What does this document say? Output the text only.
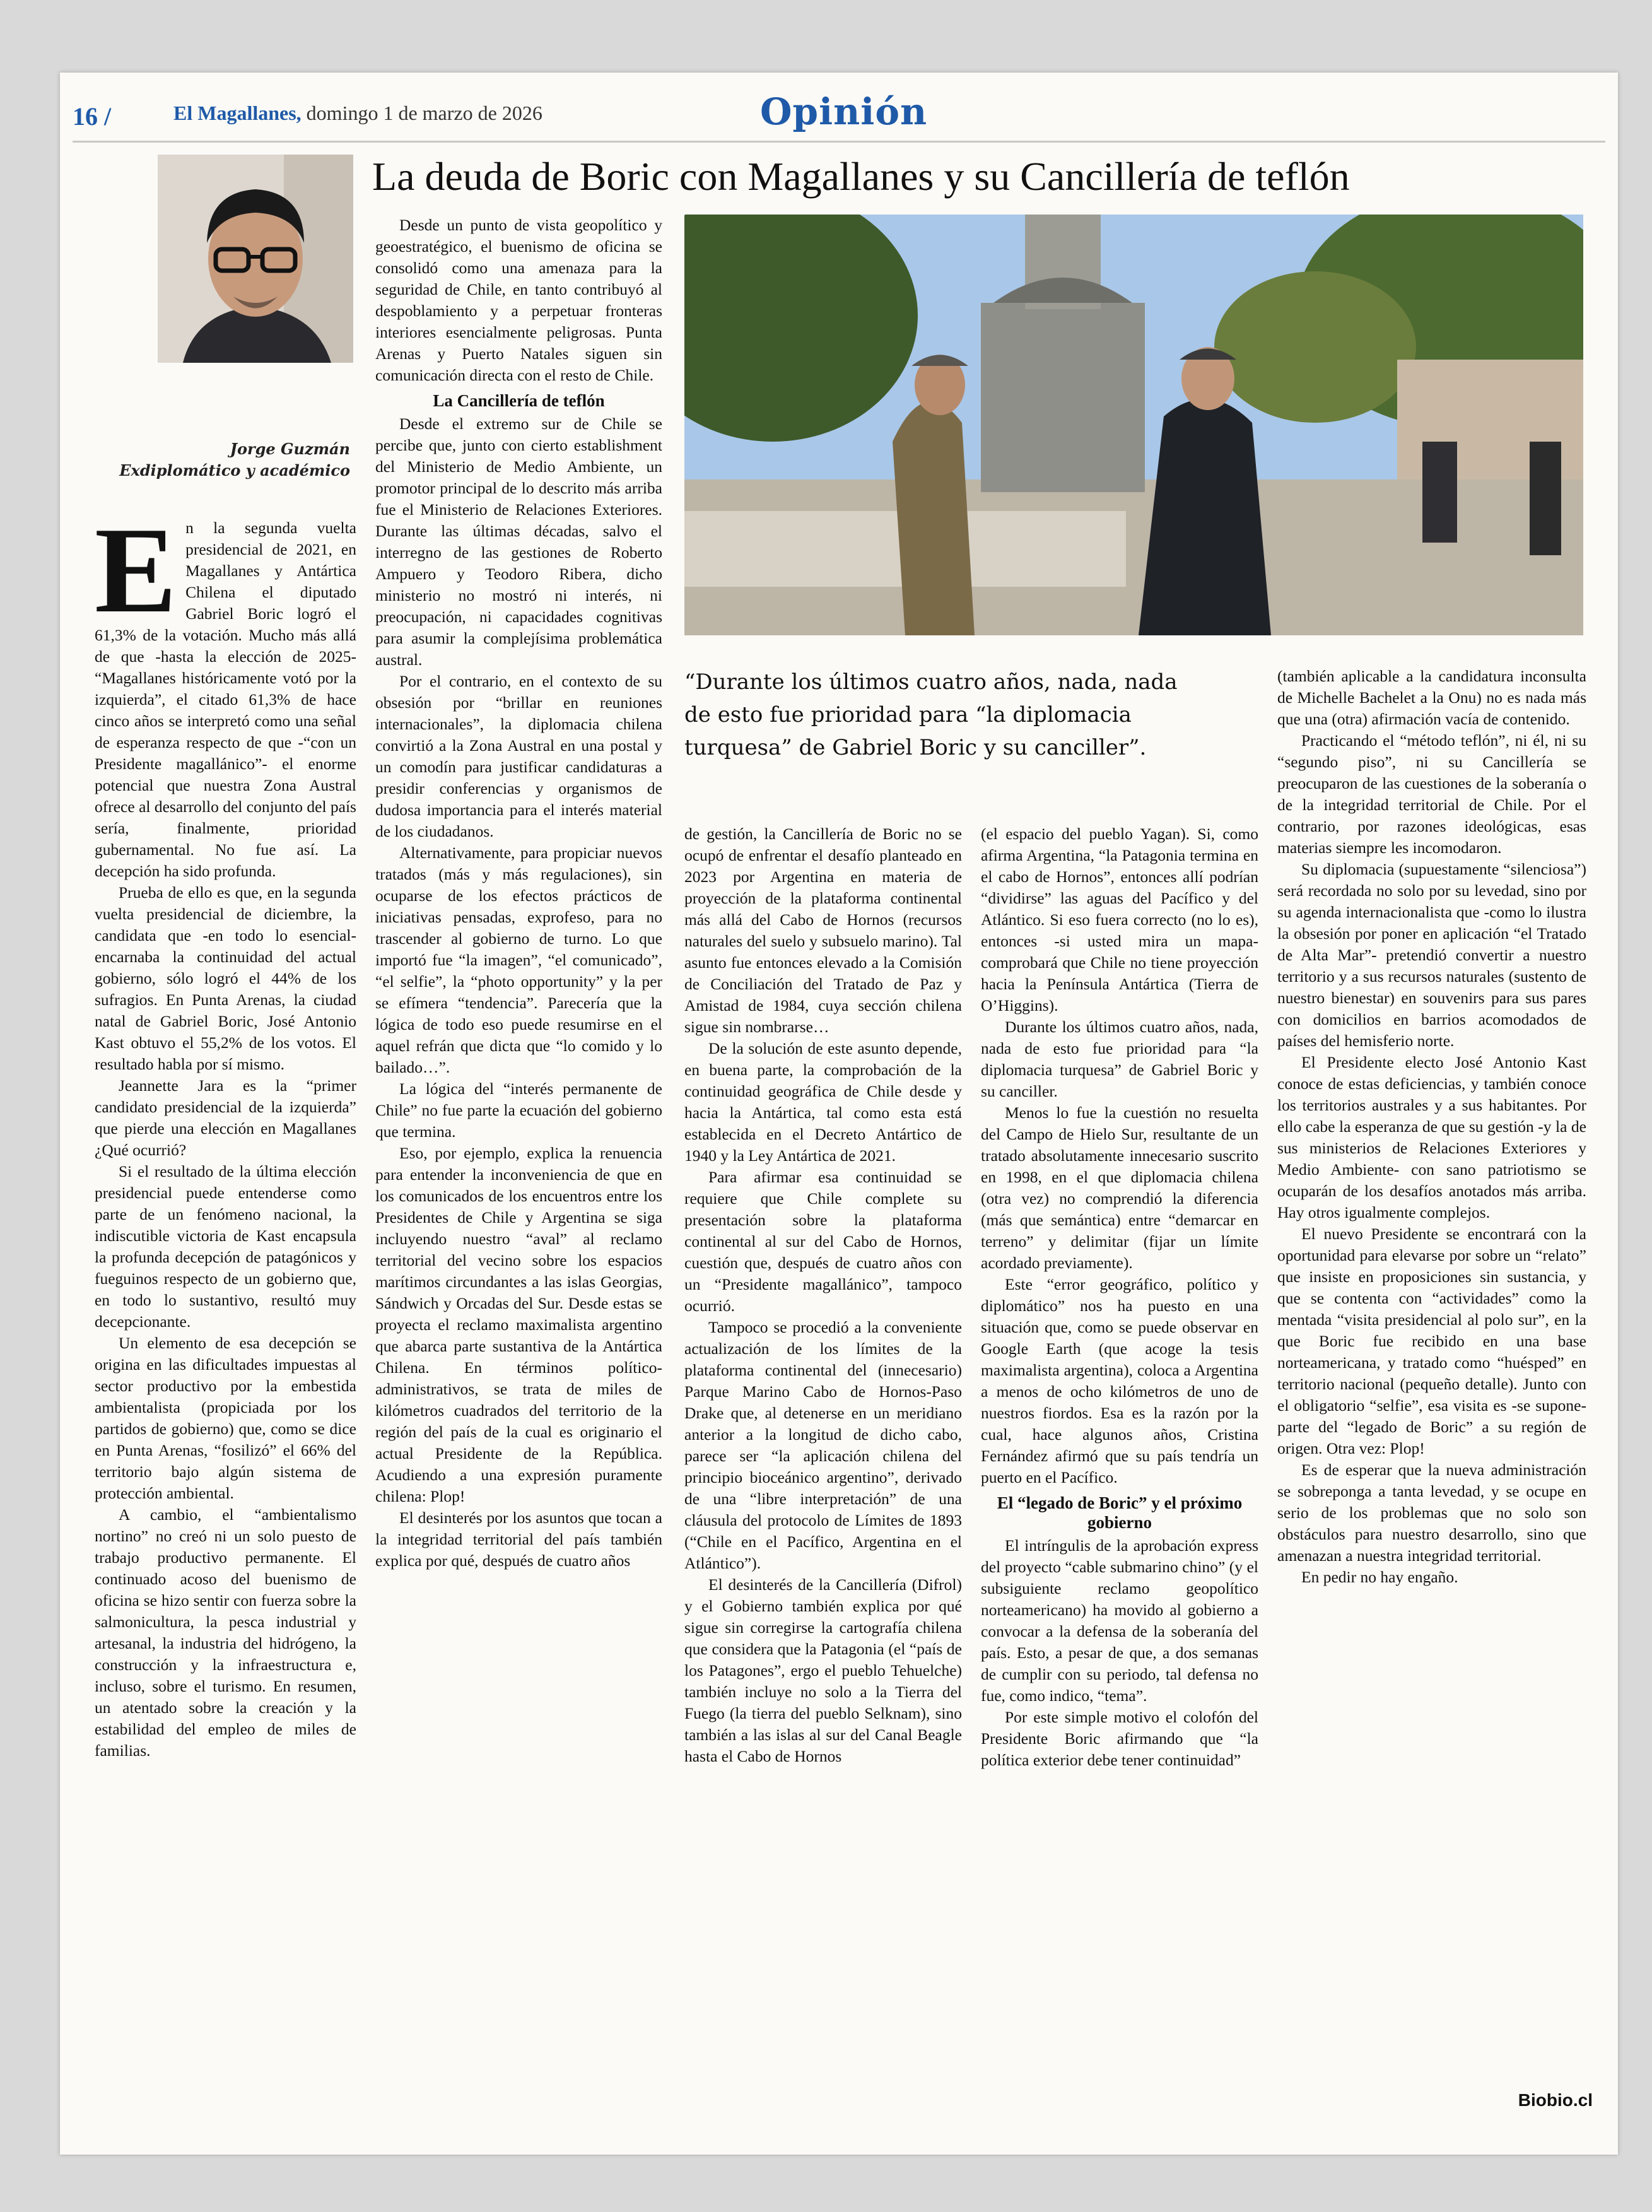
16 /	El Magallanes, domingo 1 de marzo de 2026	Opinión
La deuda de Boric con Magallanes y su Cancillería de teflón
Jorge Guzmán
Exdiplomático y académico
“Durante los últimos cuatro años, nada, nada
de esto fue prioridad para “la diplomacia
turquesa” de Gabriel Boric y su canciller”.
E n la segunda vuelta presidencial de 2021, en Magallanes y Antártica Chilena el diputado Gabriel Boric logró el 61,3% de la votación. Mucho más allá de que -hasta la elección de 2025- “Magallanes históricamente votó por la izquierda”, el citado 61,3% de hace cinco años se interpretó como una señal de esperanza respecto de que -“con un Presidente magallánico”- el enorme potencial que nuestra Zona Austral ofrece al desarrollo del conjunto del país sería, finalmente, prioridad gubernamental. No fue así. La decepción ha sido profunda.

Prueba de ello es que, en la segunda vuelta presidencial de diciembre, la candidata que -en todo lo esencial- encarnaba la continuidad del actual gobierno, sólo logró el 44% de los sufragios. En Punta Arenas, la ciudad natal de Gabriel Boric, José Antonio Kast obtuvo el 55,2% de los votos. El resultado habla por sí mismo.

Jeannette Jara es la “primer candidato presidencial de la izquierda” que pierde una elección en Magallanes ¿Qué ocurrió?

Si el resultado de la última elección presidencial puede entenderse como parte de un fenómeno nacional, la indiscutible victoria de Kast encapsula la profunda decepción de patagónicos y fueguinos respecto de un gobierno que, en todo lo sustantivo, resultó muy decepcionante.

Un elemento de esa decepción se origina en las dificultades impuestas al sector productivo por la embestida ambientalista (propiciada por los partidos de gobierno) que, como se dice en Punta Arenas, “fosilizó” el 66% del territorio bajo algún sistema de protección ambiental.

A cambio, el “ambientalismo nortino” no creó ni un solo puesto de trabajo productivo permanente. El continuado acoso del buenismo de oficina se hizo sentir con fuerza sobre la salmonicultura, la pesca industrial y artesanal, la industria del hidrógeno, la construcción y la infraestructura e, incluso, sobre el turismo. En resumen, un atentado sobre la creación y la estabilidad del empleo de miles de familias.

Desde un punto de vista geopolítico y geoestratégico, el buenismo de oficina se consolidó como una amenaza para la seguridad de Chile, en tanto contribuyó al despoblamiento y a perpetuar fronteras interiores esencialmente peligrosas. Punta Arenas y Puerto Natales siguen sin comunicación directa con el resto de Chile.

La Cancillería de teflón

Desde el extremo sur de Chile se percibe que, junto con cierto establishment del Ministerio de Medio Ambiente, un promotor principal de lo descrito más arriba fue el Ministerio de Relaciones Exteriores. Durante las últimas décadas, salvo el interregno de las gestiones de Roberto Ampuero y Teodoro Ribera, dicho ministerio no mostró ni interés, ni preocupación, ni capacidades cognitivas para asumir la complejísima problemática austral.

Por el contrario, en el contexto de su obsesión por “brillar en reuniones internacionales”, la diplomacia chilena convirtió a la Zona Austral en una postal y un comodín para justificar candidaturas a presidir conferencias y organismos de dudosa importancia para el interés material de los ciudadanos.

Alternativamente, para propiciar nuevos tratados (más y más regulaciones), sin ocuparse de los efectos prácticos de iniciativas pensadas, exprofeso, para no trascender al gobierno de turno. Lo que importó fue “la imagen”, “el comunicado”, “el selfie”, la “photo opportunity” y la per se efímera “tendencia”. Parecería que la lógica de todo eso puede resumirse en el aquel refrán que dicta que “lo comido y lo bailado…”.

La lógica del “interés permanente de Chile” no fue parte la ecuación del gobierno que termina.

Eso, por ejemplo, explica la renuencia para entender la inconveniencia de que en los comunicados de los encuentros entre los Presidentes de Chile y Argentina se siga incluyendo nuestro “aval” al reclamo territorial del vecino sobre los espacios marítimos circundantes a las islas Georgias, Sándwich y Orcadas del Sur. Desde estas se proyecta el reclamo maximalista argentino que abarca parte sustantiva de la Antártica Chilena. En términos político-administrativos, se trata de miles de kilómetros cuadrados del territorio de la región del país de la cual es originario el actual Presidente de la República. Acudiendo a una expresión puramente chilena: Plop!

El desinterés por los asuntos que tocan a la integridad territorial del país también explica por qué, después de cuatro años

de gestión, la Cancillería de Boric no se ocupó de enfrentar el desafío planteado en 2023 por Argentina en materia de proyección de la plataforma continental más allá del Cabo de Hornos (recursos naturales del suelo y subsuelo marino). Tal asunto fue entonces elevado a la Comisión de Conciliación del Tratado de Paz y Amistad de 1984, cuya sección chilena sigue sin nombrarse…

De la solución de este asunto depende, en buena parte, la comprobación de la continuidad geográfica de Chile desde y hacia la Antártica, tal como esta está establecida en el Decreto Antártico de 1940 y la Ley Antártica de 2021.

Para afirmar esa continuidad se requiere que Chile complete su presentación sobre la plataforma continental al sur del Cabo de Hornos, cuestión que, después de cuatro años con un “Presidente magallánico”, tampoco ocurrió.

Tampoco se procedió a la conveniente actualización de los límites de la plataforma continental del (innecesario) Parque Marino Cabo de Hornos-Paso Drake que, al detenerse en un meridiano anterior a la longitud de dicho cabo, parece ser “la aplicación chilena del principio bioceánico argentino”, derivado de una “libre interpretación” de una cláusula del protocolo de Límites de 1893 (“Chile en el Pacífico, Argentina en el Atlántico”).

El desinterés de la Cancillería (Difrol) y el Gobierno también explica por qué sigue sin corregirse la cartografía chilena que considera que la Patagonia (el “país de los Patagones”, ergo el pueblo Tehuelche) también incluye no solo a la Tierra del Fuego (la tierra del pueblo Selknam), sino también a las islas al sur del Canal Beagle hasta el Cabo de Hornos

(el espacio del pueblo Yagan). Si, como afirma Argentina, “la Patagonia termina en el cabo de Hornos”, entonces allí podrían “dividirse” las aguas del Pacífico y del Atlántico. Si eso fuera correcto (no lo es), entonces -si usted mira un mapa- comprobará que Chile no tiene proyección hacia la Península Antártica (Tierra de O’Higgins).

Durante los últimos cuatro años, nada, nada de esto fue prioridad para “la diplomacia turquesa” de Gabriel Boric y su canciller.

Menos lo fue la cuestión no resuelta del Campo de Hielo Sur, resultante de un tratado absolutamente innecesario suscrito en 1998, en el que diplomacia chilena (otra vez) no comprendió la diferencia (más que semántica) entre “demarcar en terreno” y delimitar (fijar un límite acordado previamente).

Este “error geográfico, político y diplomático” nos ha puesto en una situación que, como se puede observar en Google Earth (que acoge la tesis maximalista argentina), coloca a Argentina a menos de ocho kilómetros de uno de nuestros fiordos. Esa es la razón por la cual, hace algunos años, Cristina Fernández afirmó que su país tendría un puerto en el Pacífico.

El “legado de Boric” y el próximo gobierno

El intríngulis de la aprobación express del proyecto “cable submarino chino” (y el subsiguiente reclamo geopolítico norteamericano) ha movido al gobierno a convocar a la defensa de la soberanía del país. Esto, a pesar de que, a dos semanas de cumplir con su periodo, tal defensa no fue, como indico, “tema”.

Por este simple motivo el colofón del Presidente Boric afirmando que “la política exterior debe tener continuidad”

(también aplicable a la candidatura inconsulta de Michelle Bachelet a la Onu) no es nada más que una (otra) afirmación vacía de contenido.

Practicando el “método teflón”, ni él, ni su “segundo piso”, ni su Cancillería se preocuparon de las cuestiones de la soberanía o de la integridad territorial de Chile. Por el contrario, por razones ideológicas, esas materias siempre les incomodaron.

Su diplomacia (supuestamente “silenciosa”) será recordada no solo por su levedad, sino por su agenda internacionalista que -como lo ilustra la obsesión por poner en aplicación “el Tratado de Alta Mar”- pretendió convertir a nuestro territorio y a sus recursos naturales (sustento de nuestro bienestar) en souvenirs para sus pares con domicilios en barrios acomodados de países del hemisferio norte.

El Presidente electo José Antonio Kast conoce de estas deficiencias, y también conoce los territorios australes y a sus habitantes. Por ello cabe la esperanza de que su gestión -y la de sus ministerios de Relaciones Exteriores y Medio Ambiente- con sano patriotismo se ocuparán de los desafíos anotados más arriba. Hay otros igualmente complejos.

El nuevo Presidente se encontrará con la oportunidad para elevarse por sobre un “relato” que insiste en proposiciones sin sustancia, y que se contenta con “actividades” como la mentada “visita presidencial al polo sur”, en la que Boric fue recibido en una base norteamericana, y tratado como “huésped” en territorio nacional (pequeño detalle). Junto con el obligatorio “selfie”, esa visita es -se supone- parte del “legado de Boric” a su región de origen. Otra vez: Plop!

Es de esperar que la nueva administración se sobreponga a tanta levedad, y se ocupe en serio de los problemas que no solo son obstáculos para nuestro desarrollo, sino que amenazan a nuestra integridad territorial.

En pedir no hay engaño.

Biobio.cl
